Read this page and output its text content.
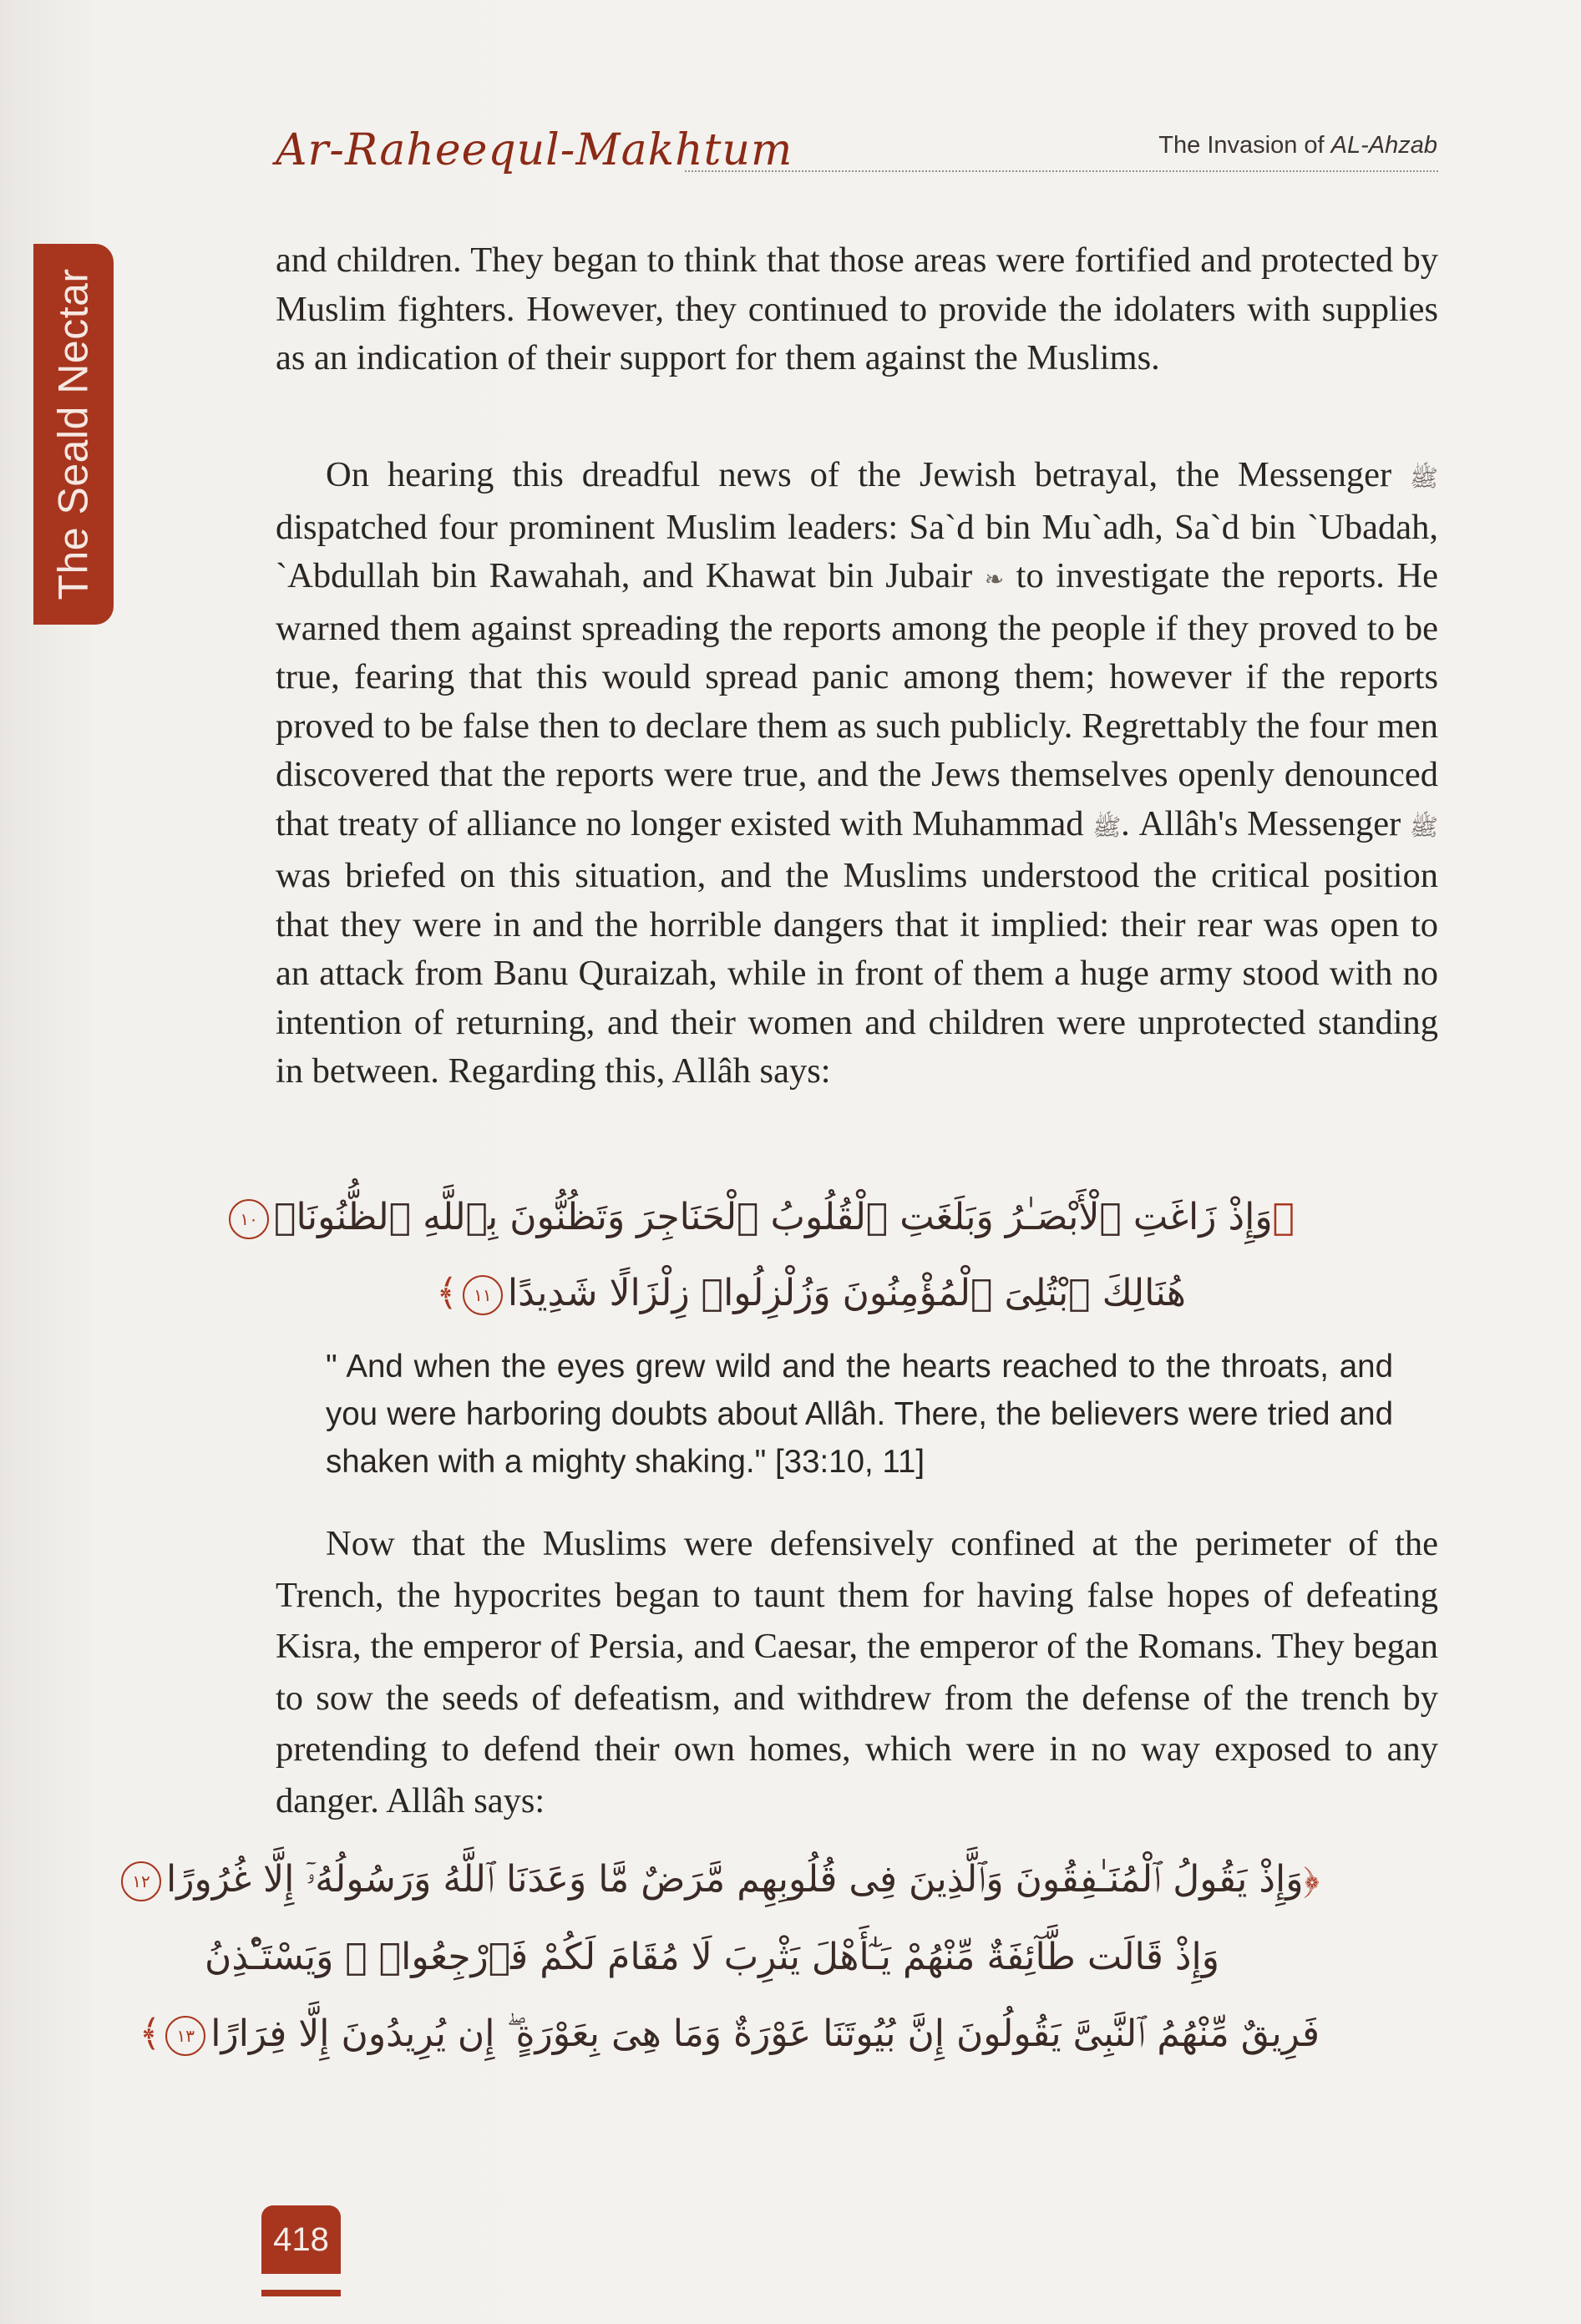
Ar-Raheequl-Makhtum	The Invasion of AL-Ahzab
The Seald Nectar

and children. They began to think that those areas were fortified and protected by Muslim fighters. However, they continued to provide the idolaters with supplies as an indication of their support for them against the Muslims.

On hearing this dreadful news of the Jewish betrayal, the Messenger ﷺ dispatched four prominent Muslim leaders: Sa`d bin Mu`adh, Sa`d bin `Ubadah, `Abdullah bin Rawahah, and Khawat bin Jubair ❧ to investigate the reports. He warned them against spreading the reports among the people if they proved to be true, fearing that this would spread panic among them; however if the reports proved to be false then to declare them as such publicly. Regrettably the four men discovered that the reports were true, and the Jews themselves openly denounced that treaty of alliance no longer existed with Muhammad ﷺ. Allâh's Messenger ﷺ was briefed on this situation, and the Muslims understood the critical position that they were in and the horrible dangers that it implied: their rear was open to an attack from Banu Quraizah, while in front of them a huge army stood with no intention of returning, and their women and children were unprotected standing in between. Regarding this, Allâh says:

﴿وَإِذْ زَاغَتِ ٱلْأَبْصَـٰرُ وَبَلَغَتِ ٱلْقُلُوبُ ٱلْحَنَاجِرَ وَتَظُنُّونَ بِٱللَّهِ ٱلظُّنُونَا۠١٠
هُنَالِكَ ٱبْتُلِىَ ٱلْمُؤْمِنُونَ وَزُلْزِلُوا۟ زِلْزَالًا شَدِيدًا١١﴾
" And when the eyes grew wild and the hearts reached to the throats, and you were harboring doubts about Allâh. There, the believers were tried and shaken with a mighty shaking." [33:10, 11]

Now that the Muslims were defensively confined at the perimeter of the Trench, the hypocrites began to taunt them for having false hopes of defeating Kisra, the emperor of Persia, and Caesar, the emperor of the Romans. They began to sow the seeds of defeatism, and withdrew from the defense of the trench by pretending to defend their own homes, which were in no way exposed to any danger. Allâh says:

﴿وَإِذْ يَقُولُ ٱلْمُنَـٰفِقُونَ وَٱلَّذِينَ فِى قُلُوبِهِم مَّرَضٌ مَّا وَعَدَنَا ٱللَّهُ وَرَسُولُهُۥٓ إِلَّا غُرُورًا١٢
وَإِذْ قَالَت طَّآئِفَةٌ مِّنْهُمْ يَـٰٓأَهْلَ يَثْرِبَ لَا مُقَامَ لَكُمْ فَٱرْجِعُوا۟ ۚ وَيَسْتَـْٔذِنُ
فَرِيقٌ مِّنْهُمُ ٱلنَّبِىَّ يَقُولُونَ إِنَّ بُيُوتَنَا عَوْرَةٌ وَمَا هِىَ بِعَوْرَةٍ ۖ إِن يُرِيدُونَ إِلَّا فِرَارًا١٣﴾
418
